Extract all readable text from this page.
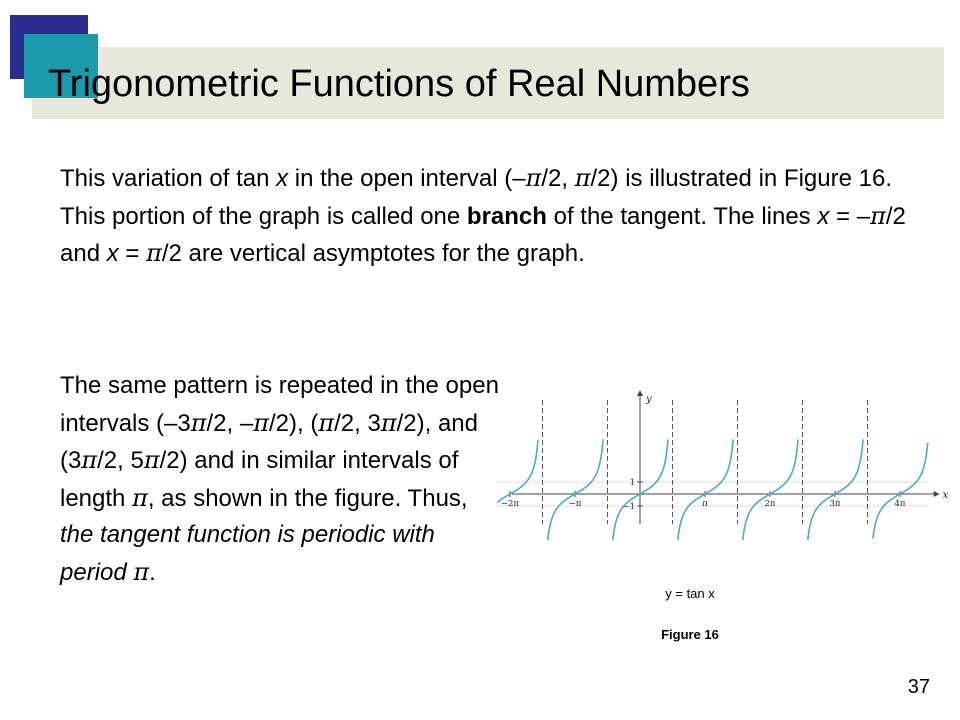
Trigonometric Functions of Real Numbers
This variation of tan x in the open interval (–π/2, π/2) is illustrated in Figure 16. This portion of the graph is called one branch of the tangent. The lines x = –π/2 and x = π/2 are vertical asymptotes for the graph.
The same pattern is repeated in the open intervals (–3π/2, –π/2), (π/2, 3π/2), and (3π/2, 5π/2) and in similar intervals of length π, as shown in the figure. Thus, the tangent function is periodic with period π.
x
y
−2π	−π	π	2π	3π	4π
1
−1
y = tan x
Figure 16
37
